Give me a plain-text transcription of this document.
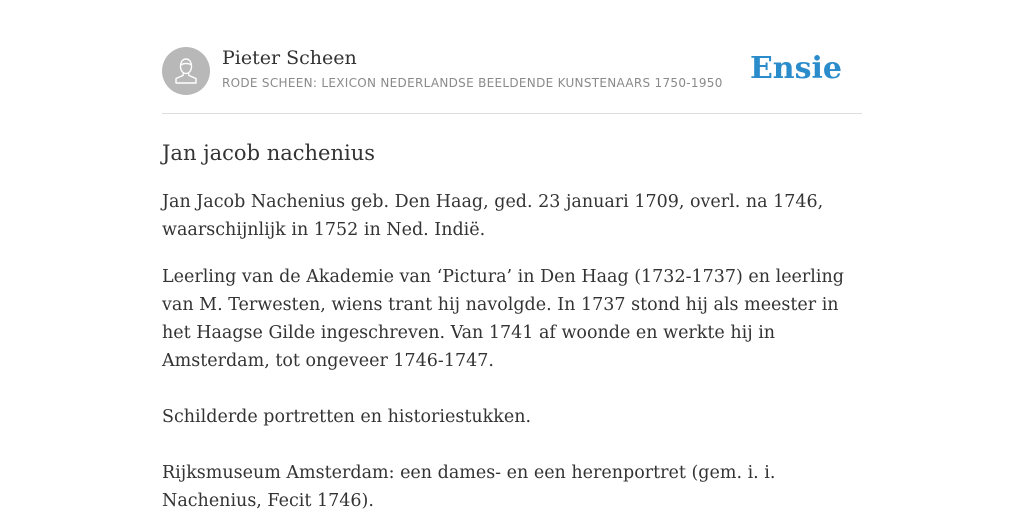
Pieter Scheen
RODE SCHEEN: LEXICON NEDERLANDSE BEELDENDE KUNSTENAARS 1750-1950 Ensie
Jan jacob nachenius

Jan Jacob Nachenius geb. Den Haag, ged. 23 januari 1709, overl. na 1746, waarschijnlijk in 1752 in Ned. Indië.

Leerling van de Akademie van ‘Pictura’ in Den Haag (1732-1737) en leerling van M. Terwesten, wiens trant hij navolgde. In 1737 stond hij als meester in het Haagse Gilde ingeschreven. Van 1741 af woonde en werkte hij in Amsterdam, tot ongeveer 1746-1747.

Schilderde portretten en historiestukken.

Rijksmuseum Amsterdam: een dames- en een herenportret (gem. i. i. Nachenius, Fecit 1746).
